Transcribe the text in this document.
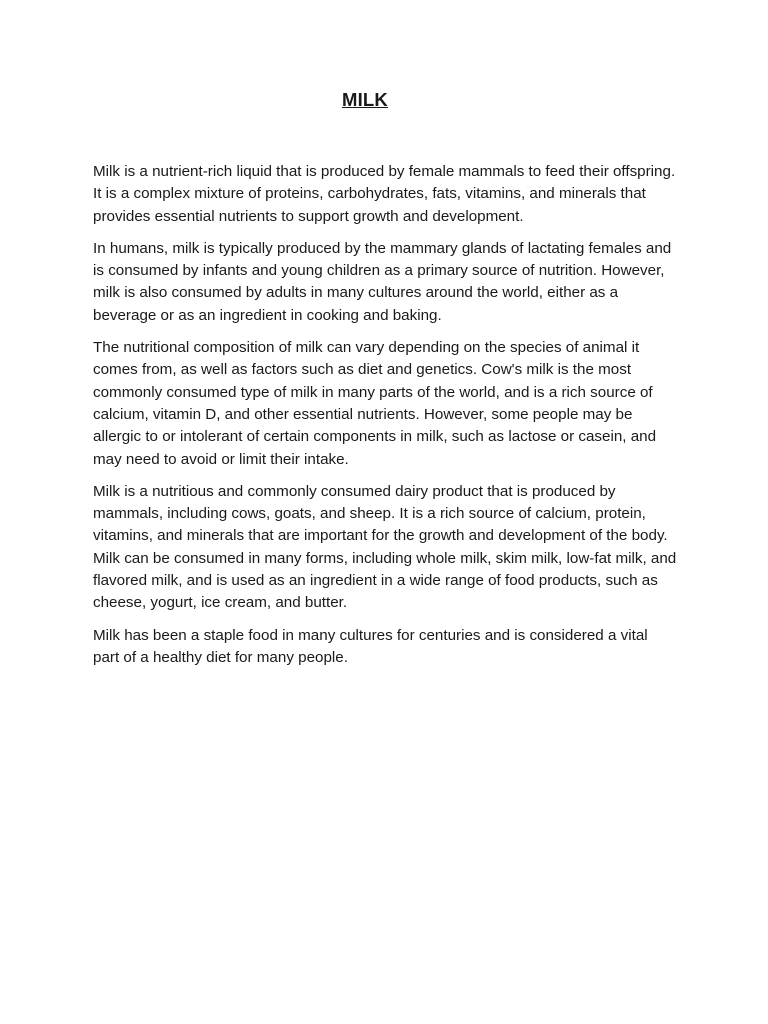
MILK

Milk is a nutrient-rich liquid that is produced by female mammals to feed their offspring. It is a complex mixture of proteins, carbohydrates, fats, vitamins, and minerals that provides essential nutrients to support growth and development.

In humans, milk is typically produced by the mammary glands of lactating females and is consumed by infants and young children as a primary source of nutrition. However, milk is also consumed by adults in many cultures around the world, either as a beverage or as an ingredient in cooking and baking.

The nutritional composition of milk can vary depending on the species of animal it comes from, as well as factors such as diet and genetics. Cow's milk is the most commonly consumed type of milk in many parts of the world, and is a rich source of calcium, vitamin D, and other essential nutrients. However, some people may be allergic to or intolerant of certain components in milk, such as lactose or casein, and may need to avoid or limit their intake.

Milk is a nutritious and commonly consumed dairy product that is produced by mammals, including cows, goats, and sheep. It is a rich source of calcium, protein, vitamins, and minerals that are important for the growth and development of the body. Milk can be consumed in many forms, including whole milk, skim milk, low-fat milk, and flavored milk, and is used as an ingredient in a wide range of food products, such as cheese, yogurt, ice cream, and butter.

Milk has been a staple food in many cultures for centuries and is considered a vital part of a healthy diet for many people.
